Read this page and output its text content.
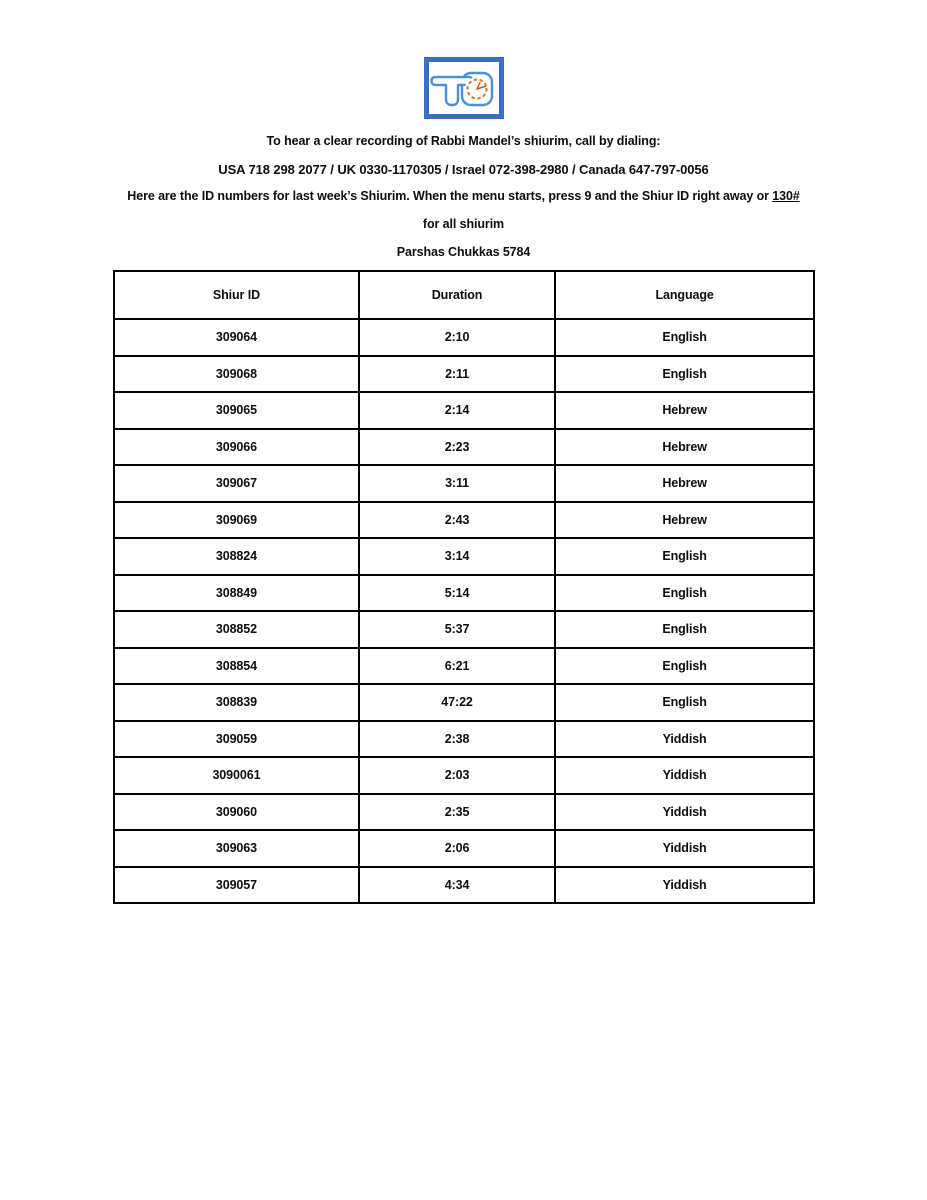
To hear a clear recording of Rabbi Mandel’s shiurim, call by dialing:
USA 718 298 2077 / UK 0330-1170305 / Israel 072-398-2980 / Canada 647-797-0056
Here are the ID numbers for last week’s Shiurim. When the menu starts, press 9 and the Shiur ID right away or 130#
for all shiurim
Parshas Chukkas 5784
Shiur ID	Duration	Language
309064	2:10	English
309068	2:11	English
309065	2:14	Hebrew
309066	2:23	Hebrew
309067	3:11	Hebrew
309069	2:43	Hebrew
308824	3:14	English
308849	5:14	English
308852	5:37	English
308854	6:21	English
308839	47:22	English
309059	2:38	Yiddish
3090061	2:03	Yiddish
309060	2:35	Yiddish
309063	2:06	Yiddish
309057	4:34	Yiddish
